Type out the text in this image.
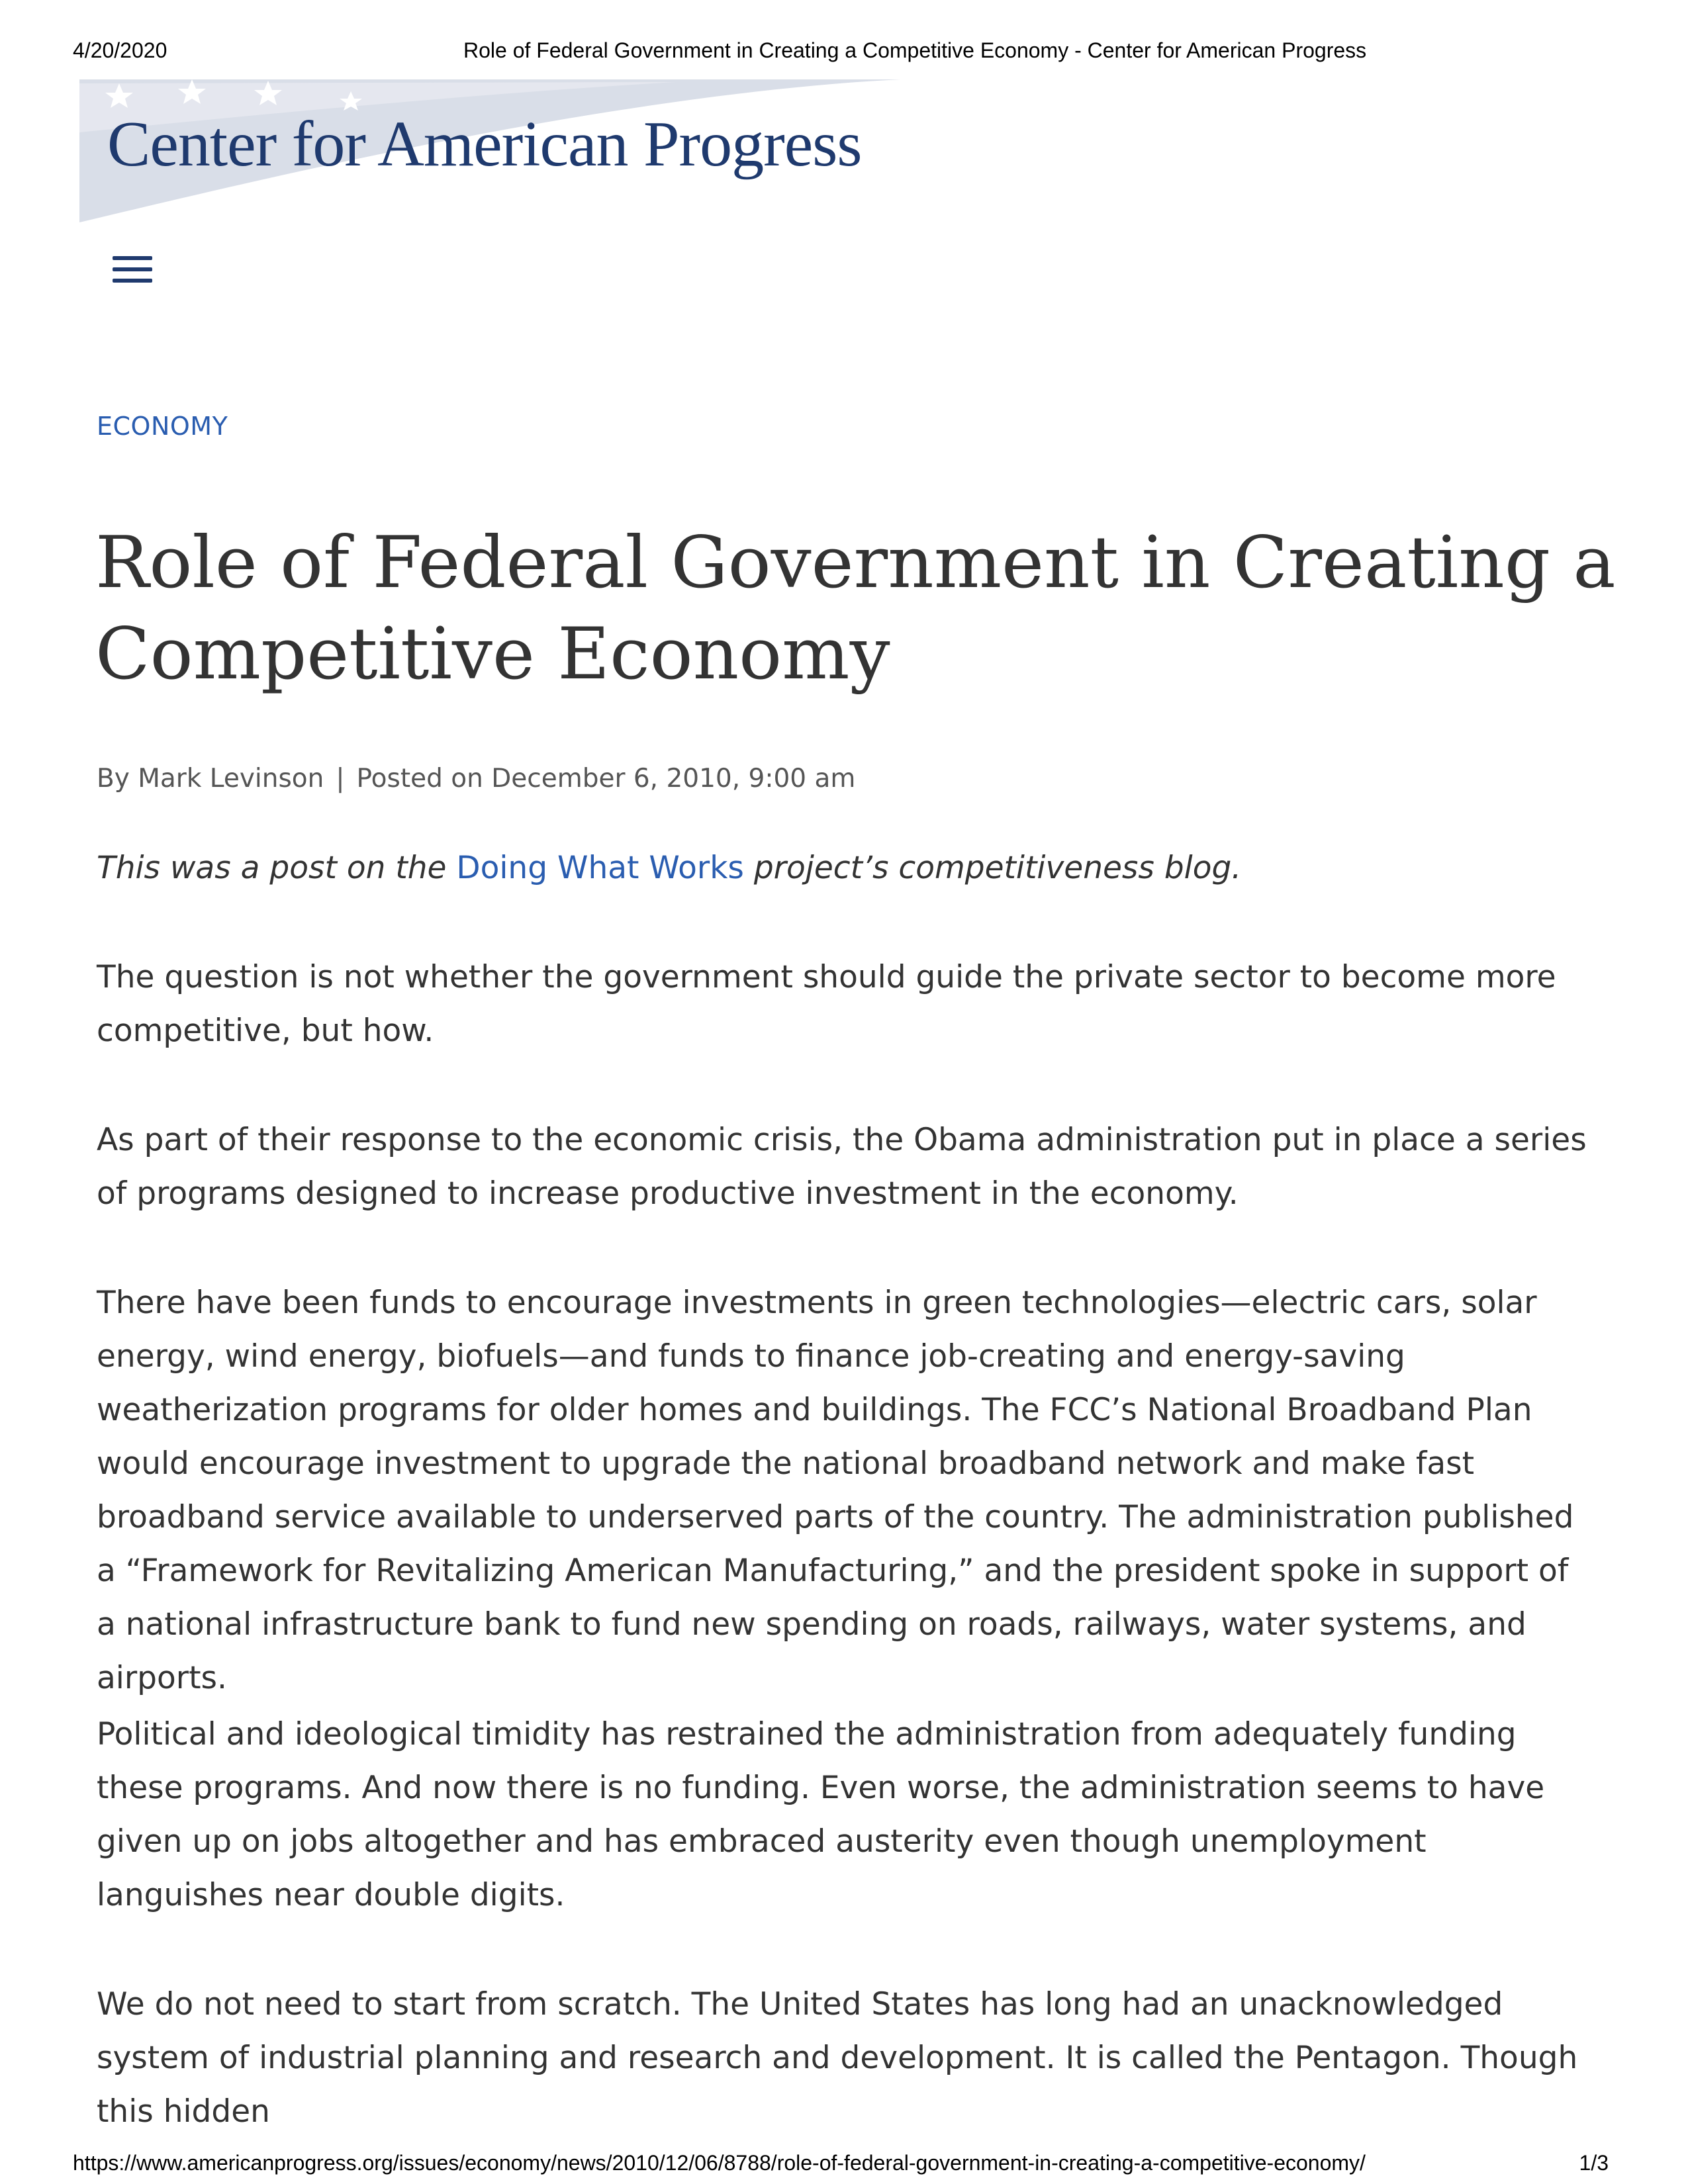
4/20/2020	Role of Federal Government in Creating a Competitive Economy - Center for American Progress
Center for American Progress
ECONOMY
Role of Federal Government in Creating a Competitive Economy
By Mark Levinson | Posted on December 6, 2010, 9:00 am

This was a post on the Doing What Works project’s competitiveness blog.

The question is not whether the government should guide the private sector to become more competitive, but how.

As part of their response to the economic crisis, the Obama administration put in place a series of programs designed to increase productive investment in the economy.

There have been funds to encourage investments in green technologies—electric cars, solar energy, wind energy, biofuels—and funds to finance job-creating and energy-saving weatherization programs for older homes and buildings. The FCC’s National Broadband Plan would encourage investment to upgrade the national broadband network and make fast broadband service available to underserved parts of the country. The administration published a “Framework for Revitalizing American Manufacturing,” and the president spoke in support of a national infrastructure bank to fund new spending on roads, railways, water systems, and airports.

Political and ideological timidity has restrained the administration from adequately funding these programs. And now there is no funding. Even worse, the administration seems to have given up on jobs altogether and has embraced austerity even though unemployment languishes near double digits.

We do not need to start from scratch. The United States has long had an unacknowledged system of industrial planning and research and development. It is called the Pentagon. Though this hidden

https://www.americanprogress.org/issues/economy/news/2010/12/06/8788/role-of-federal-government-in-creating-a-competitive-economy/	1/3
